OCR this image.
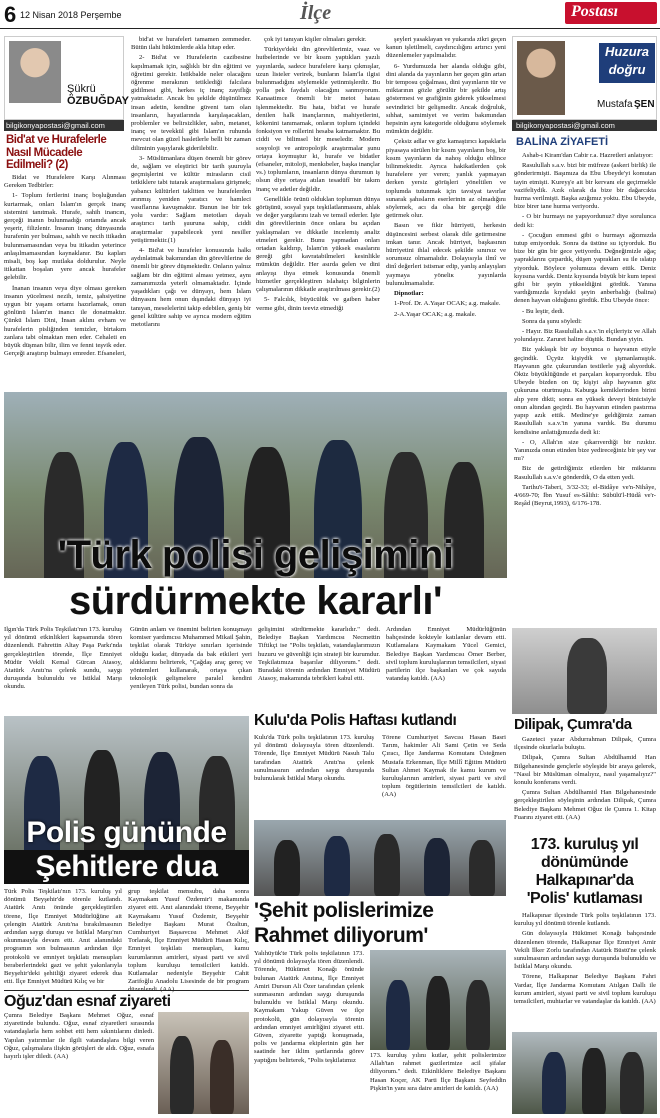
6 12 Nisan 2018 Perşembe	İlçe	Postası
Şükrü
ÖZBUĞDAY
bilgikonyapostasi@gmail.com
Bid'at ve Hurafelerle Nasıl Mücadele Edilmeli? (2)

Bidat ve Hurafelere Karşı Alınması Gereken Tedbirler:

1- Toplum fertlerini inanç boşluğundan kurtarmak, onları İslam'ın gerçek inanç sistemini tanıtmak. Hurafe, sahih inancın, gerçeği inanın bulunmadığı ortamda ancak yeşerir, filizlenir. İnsanın inanç dünyasında hurafenin yer bulması, sahih ve necih itikadın bulunmamasından veya bu itikadın yeterince anlaşılmamasından kaynaklanır. Bu kapları misali, boş kap mutlaka doldurulur. Neyle itikattan boşalan yere ancak hurafeler gelebilir.

İnanan insanın veya diye olması gereken insanın yücelmesi nezih, temiz, şahsiyetine uygun bir yaşam ortamı hazırlamak, onun gönlünü İslam'ın inancı ile donatmaktır. Çünkü İslam Dini, İnsan aklını evham ve hurafelerin pisliğinden temizler, birtakım zanlara tabi olmaktan men eder. Cehaleti en büyük düşman bilir, ilim ve fenni teşvik eder. Gerçeği araştırıp bulmayı emreder. Efsaneleri,

bid'at ve hurafeleri tamamen zemmeder. Bütün ilahi hükümlerde akla hitap eder.

2- Bid'at ve Hurafelerin cazibesine kapılmamak için, sağlıklı bir din eğitimi ve öğretimi gerekir. İstikbalde neler olacağını öğrenme merakının tetiklediği falcılara gidilmesi gibi, herkes iç inanç zayıflığı yatmaktadır. Ancak bu şekilde düşünülmez insan adetin, kendine güveni tam olan insanların, hayatlarında karşılaşacakları, problemler ve belirsizlikler, sabrı, metanet, inanç ve tevekkül gibi İslam'ın ruhunda mevcut olan güzel hasletlerle belli bir zaman diliminin yaşıylarak giderilebilir.

3- Müslümanlara düşen önemli bir görev de, sağlam ve eleştirici bir tarih şuuruyla geçmişlerini ve kültür mirasların cisil tetkiklere tabi tutarak araştırmalara girişmek; yabancı kültürleri taklitten ve hurafelerden arınmış yeniden yaratıcı ve hamleci vasıflarına kavuşmaktır. Bunun ise bir tek yolu vardır: Sağlam metotları dayalı araştırıcı tarih şuuruna sahip, ciddi araştırmalar yapabilecek yeni nesiller yetiştirmektir.(1)

4- Bid'at ve hurafeler konusunda halkı aydınlatmak bakımından din görevlilerine de önemli bir görev düşmektedir. Onların yalnız sağlam bir din eğitimi alması yetmez, aynı zamanımızda yeterli olmamaktadır. İçinde yaşadıkları çağı ve dünyayı, hem İslam dünyasını hem onun dışındaki dünyayı iyi tanıyan, meselelerini takip edebilen, geniş bir genel kültüre sahip ve ayrıca modern eğitim metotlarını

çok iyi tanıyan kişiler olmaları gerekir.

Türkiye'deki din görevlilerimiz, vaaz ve hutbelerinde ve bir kısım yaptıkları yazılı yayınlarda, sadece hurafelere karşı çıkmışlar, uzun listeler verirek, bunların İslam'la ilgisi bulunmadığını söylemekle yetinmişlerdir. Bu yolla pek faydalı olacağını sanmıyorum. Kanaatimce önemli bir metot hatası işlenmektedir. Bu hata, bid'at ve hurafe denilen halk inançlarının, mahiyetlerini, kökenini tanımamak, onların toplum içindeki fonksiyon ve rollerini hesaba katmamaktır. Bu ciddi ve bilimsel bir meseledir. Modern sosyoloji ve antropolojik araştırmalar şunu ortaya koymuştur ki, hurafe ve bidatler (efsaneler, mitoloji, menkıbeler, başka inançlar vs.) toplumların, insanların dünya durumun iş olsun diye ortaya atılan tesadüfî bir takım inanç ve adetler değildir.

Genellikle örünü olduklan toplumun dünya görüşünü, sosyal yapı teşkilatlanmasını, ahlak ve değer yargılarını izah ve temsil ederler. İşte din görevlilerinin önce onlara bu açıdan yaklaşmaları ve dikkatle incelemiş analiz etmeleri gerekir. Bunu yapmadan onları ortadan kaldırıp, İslam'ın yüksek esaslarını gereği gibi kavratabilmeleri kesinlikle mümkün değildir. Her asırda gelen ve dini anlayışı ihya etmek konusunda önemli hizmetler gerçekleştiren islahatçı bilginlerin çalışmalarının dikkatle araştırılması gerekir.(2)

5- Falcılık, büyücülük ve gaiben haber verme gibi, dinin teeviz etmediği

şeyleri yasaklayan ve yukarıda zikri geçen kanun işletilmeli, caydırıcılığını artırıcı yeni düzenlemeler yapılmalıdır.

6- Yurdumuzda her alanda olduğu gibi, dini alanda da yayınların her geçen gün artan bir temposu çoğalması, dini yayınların tür ve miktarının gözle görülür bir şekilde artış göstermesi ve grafiğinin giderek yükselmesi sevindirici bir gelişmedir. Ancak doğruluk, sıhhat, samimiyet ve verim bakımından hepsinin aynı kategoride olduğunu söylemek mümkün değildir.

Çeksiz adlar ve göz kamaştırıcı kapaklarla piyasaya sürülen bir kısım yayınların boş, bir kısım yayınların da nahoş olduğu ehlince bilinmektedir. Ayrıca hakikatlerden çok hurafelere yer veren; yanlık yapmayan derken yersiz görüşleri yöneltilen ve toplumda tutunmak için tavsiyat tavırlar sunarak şahısların eserlerinin az olmadığını söylemek, acı da olsa bir gerçeği dile getirmek olur.

Basın ve fikir hürriyeti, herkesin düşüncesini serbest olarak dile getirmesine imkan tanır. Ancak hürriyet, başkasının hürriyetini ihlal edecek şekilde sınırsız ve sorumsuz olmamalıdır. Dolayısıyla ilmî ve dinî değerleri istismar edip, yanlış anlayışları yaymaya yöneliк yayınlarda bulunulmamalıdır.

Dipnotlar:

1-Prof. Dr. A.Yaşar OCAK; a.g. makale.

2-A.Yaşar OCAK; a.g. makale.

Huzura
doğru
Mustafa ŞEN
bilgikonyapostasi@gmail.com
BALİNA ZİYAFETİ

Ashab-ı Kiram'dan Cabir r.a. Hazretleri anlatıyor:

Rasulullah s.a.v. bizi bir müfreze (askeri birlik) ile gönderirmişti. Başımıza da Ebu Ubeyde'yi komutan tayin etmişti. Kureyş'e ait bir kervanı ele geçirmekle vazifeliydik. Azık olarak da bize bir dağarcıkta hurma verilmişti. Başka azığımız yoktu. Ebu Ubeyde, bize birer tane hurma veriyordu.

- O bir hurmayı ne yapıyordunuz? diye sorulunca dedi ki:

- Çocuğun emmesi gibi o hurmayı ağzımızda tutup emiyorduk. Sonra da üstüne su içiyorduk. Bu bize bir gün bir gece yetiyordu. Değneğimizle ağaç yapraklarını çırpardık, düşen yaprakları su ile ıslatıp yiyorduk. Böylece yolumuza devam ettik. Deniz kıyısına vardık. Deniz kıyısında büyük bir kum tepesi gibi bir şeyin yükseldiğini gördük. Yanına vardığımızda kıyıdaki şeyin anberbalığı (balina) denen hayvan olduğunu gördük. Ebu Ubeyde önce:

- Bu leştir, dedi.

Sonra da şunu söyledi:

- Hayır. Biz Rasulullah s.a.v.'in elçileriyiz ve Allah yolundayız. Zaruret haline düştük. Bundan yiyin.

Biz yaklaşık bir ay boyunca o hayvanın etiyle geçindik. Üçyüz kişiydik ve şişmanlamıştık. Hayvanın göz çukurundan testilerle yağ alıyorduk. Öküz büyüklüğünde et parçaları koparıyorduk. Ebu Ubeyde bizden on üç kişiyi alıp hayvanın göz çukuruna oturtmuştu. Kaburga kemiklerinden birini alıp yere dikti; sonra en yüksek deveyi binicisiyle onun altından geçirdi. Bu hayvanın etinden pastırma yapıp azık ettik. Medine'ye geldiğimiz zaman Rasulullah s.a.v.'in yanına vardık. Bu durumu kendisine anlattığımızda dedi ki:

- O, Allah'ın size çıkarıverdiği bir rızıktır. Yanınızda onun etinden bize yedireceğiniz bir şey var mı?

Biz de getirdiğimiz etlerden bir miktarını Rasulullah s.a.v.'e gönderdik, O da etten yedi.

Tarihu't-Taberi, 3/32-33; el-Bidâye ve'n-Nihâye, 4/669-70; İbn Yusuf es-Sâlihi: Sübülü'l-Hüdâ ve'r-Reşâd (Beyrut,1993), 6/176-178.

'Türk polisi gelişimini
sürdürmekte kararlı'
Ilgın'da Türk Polis Teşkilatı'nın 173. kuruluş yıl dönümü etkinlikleri kapsamında tören düzenlendi. Fahrettin Altay Paşa Parkı'nda gerçekleştirilen törende, İlçe Emniyet Müdür Vekili Kemal Gürcan Atasoy, Atatürk Anıtı'na çelenk sundu, saygı duruşunda bulunuldu ve İstiklal Marşı okundu.
Günün anlam ve önemini belirten konuşmayı komiser yardımcısı Muhammed Mikail Şahin, teşkilat olarak Türkiye sınırları içerisinde olduğu kadar, dünyada da bak etkileri yeri aldıklarını belirterek, "Çağdaş araç gereç ve yöntemleri kullanarak, ortaya çıkan teknolojik gelişmelere paralel kendini yenileyen Türk polisi, bundan sonra da
gelişimini sürdürmekte kararlıdır." dedi. Belediye Başkan Yardımcısı Necmettin Tiftikçi ise "Polis teşkilatı, vatandaşlarımızın huzuru ve güvenliği için strateji bir kurumdur. Teşkilatımıza başarılar diliyorum." dedi. Buradaki törenin ardından Emniyet Müdürü Atasoy, makamında tebrikleri kabul etti.
Ardından Emniyet Müdürlüğünün bahçesinde kokteyle katılanlar devam etti. Kutlamalara Kaymakam Yücel Gemici, Belediye Başkan Yardımcısı Ömer Berber, sivil toplum kuruluşlarının temsilcileri, siyasi partilerin ilçe başkanları ve çok sayıda vatandaş katıldı. (AA)
Dilipak, Çumra'da

Gazeteci yazar Abdurrahman Dilipak, Çumra ilçesinde okurlarla buluştu.

Dilipak, Çumra Sultan Abdülhamid Han Bilgehanesinde gençlerle söyleşide bir araya gelerek, "Nasıl bir Müslüman olmalıyız, nasıl yaşamalıyız?" konulu konferans verdi.

Çumra Sultan Abdülhamid Han Bilgehanesinde gerçekleştirilen söyleşinin ardından Dilipak, Çumra Belediye Başkanı Mehmet Oğuz ile Çumra 1. Kitap Fuarını ziyaret etti. (AA)

Kulu'da Polis Haftası kutlandı
Kulu'da Türk polis teşkilatının 173. kuruluş yıl dönümü dolayısıyla tören düzenlendi. Törende, İlçe Emniyet Müdürü Nasuh Talu tarafından Atatürk Anıtı'na çelenk sunulmasının ardından saygı duruşunda bulunularak İstiklal Marşı okundu.
Törene Cumhuriyet Savcısı Hasan Basri Tarım, hakimler Ali Sami Çetin ve Seda Çıracı, İlçe Jandarma Komutanı Üsteğmen Mustafa Erkenman, İlçe Millî Eğitim Müdürü Sultan Ahmet Kaymak ile kamu kurum ve kuruluşlarının amirleri, siyasi parti ve sivil toplum örgütlerinin temsilcileri de katıldı. (AA)
Polis gününde
Şehitlere dua
Türk Polis Teşkilatı'nın 173. kuruluş yıl dönümü Beyşehir'de törenle kutlandı. Atatürk Anıtı önünde gerçekleştirilen törene, İlçe Emniyet Müdürlüğüne ait çelengin Atatürk Anıtı'na bırakılmasının ardından saygı duruşu ve İstiklal Marşı'nın okunmasıyla devam etti. Anıt alanındaki programın son bulmasının ardından ilçe protokolü ve emniyet teşkilatı mensupları beraberlerindeki gazi ve şehit yakınlarıyla Beyşehir'deki şehitliği ziyaret ederek dua etti. İlçe Emniyet Müdürü Kılıç ve bir
grup teşkilat mensubu, daha sonra Kaymakam Yusuf Özdemir'i makamında ziyaret etti. Anıt alanındaki törene, Beyşehir Kaymakamı Yusuf Özdemir, Beyşehir Belediye Başkanı Murat Özaltun, Cumhuriyet Başsavcısı Mehmet Akif Torlarak, İlçe Emniyet Müdürü Hasan Kılıç, Emniyet teşkilatı mensupları, kamu kurumlarının amirleri, siyasi parti ve sivil toplum kuruluşu temsilcileri katıldı. Kutlamalar nedeniyle Beyşehir Cahit Zarifoğlu Anadolu Lisesinde de bir program düzenlendi. (AA)
'Şehit polislerimize
Rahmet diliyorum'
Yalıhüyük'te Türk polis teşkilatının 173. yıl dönümü dolayısıyla tören düzenlendi. Törende, Hükümet Konağı önünde bulunan Atatürk Anıtına, İlçe Emniyet Amiri Dursun Ali Özer tarafından çelenk sunmasının ardından saygı duruşunda bulunuldu ve İstiklal Marşı okundu. Kaymakam Yakup Güven ve ilçe protokolü, gün dolayısıyla törenin ardından emniyet amirliğini ziyaret etti. Güven, ziyarette yaptığı konuşmada, polis ve jandarma ekiplerinin gün her saatinde her iklim şartlarında görev yaptığını belirterek, "Polis teşkilatımız
173. kuruluş yılını kutlar, şehit polislerimize Allah'tan rahmet gazilerimize acil şifalar diliyorum." dedi. Etkinliklere Belediye Başkanı Hasan Koçer, AK Parti İlçe Başkanı Seyfeddin Pişkin'in yanı sıra daire amirleri de katıldı. (AA)
173. kuruluş yıl
dönümünde
Halkapınar'da
'Polis' kutlaması

Halkapınar ilçesinde Türk polis teşkilatının 173. kuruluş yıl dönümü törenle kutlandı.

Gün dolayısıyla Hükümet Konağı bahçesinde düzenlenen törende, Halkapınar İlçe Emniyet Amir Vekili İlker Zorlu tarafından Atatürk Büstü'ne çelenk sunulmasının ardından saygı duruşunda bulunuldu ve İstiklal Marşı okundu.

Törene, Halkapınar Belediye Başkanı Fahri Vardar, İlçe Jandarma Komutanı Atılgan Dallı ile kurum amirleri, siyasi parti ve sivil toplum kuruluşu temsilcileri, muhtarlar ve vatandaşlar da katıldı. (AA)

Oğuz'dan esnaf ziyareti
Çumra Belediye Başkanı Mehmet Oğuz, esnaf ziyaretinde bulundu. Oğuz, esnaf ziyaretleri sırasında vatandaşlarla hem sohbet etti hem sıkıntılarını dinledi. Yapılan yatırımlar ile ilgili vatandaşlara bilgi veren Oğuz, çalışmalara ilişkin görüşleri de aldı. Oğuz, esnafa hayırlı işler diledi. (AA)
